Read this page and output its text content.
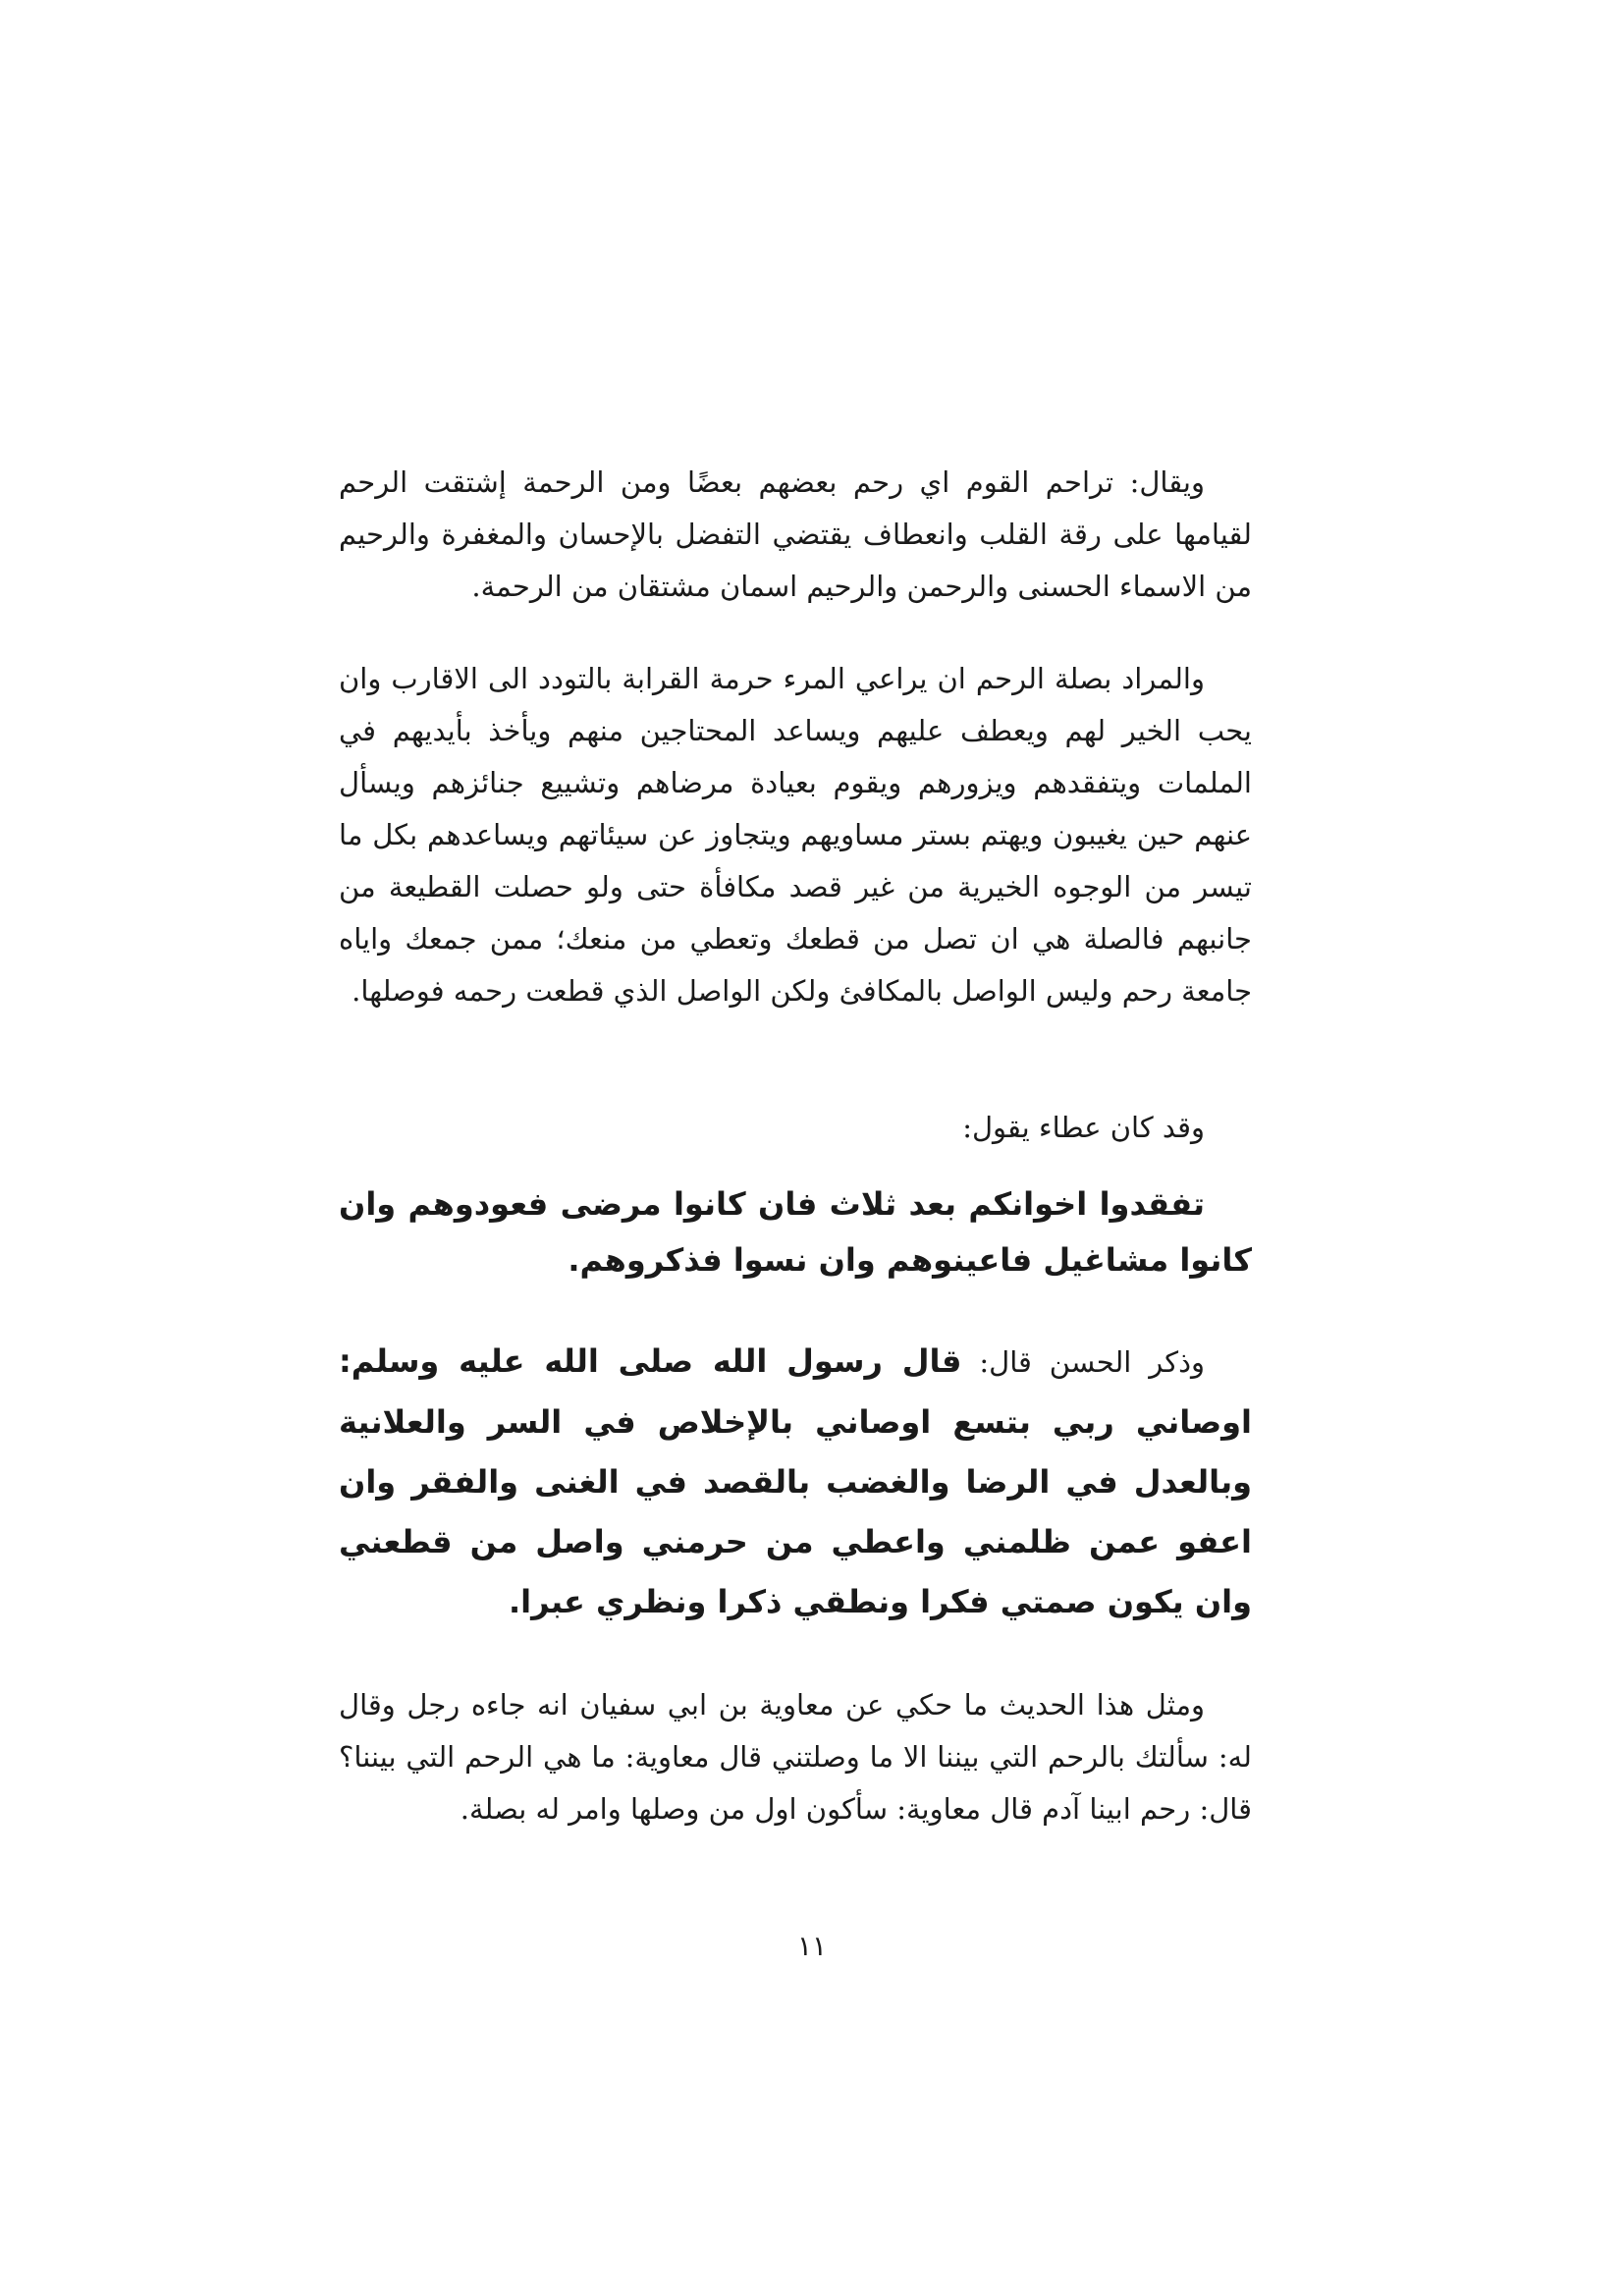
ويقال: تراحم القوم اي رحم بعضهم بعضًا ومن الرحمة إشتقت الرحم لقيامها على رقة القلب وانعطاف يقتضي التفضل بالإحسان والمغفرة والرحيم من الاسماء الحسنى والرحمن والرحيم اسمان مشتقان من الرحمة.

والمراد بصلة الرحم ان يراعي المرء حرمة القرابة بالتودد الى الاقارب وان يحب الخير لهم ويعطف عليهم ويساعد المحتاجين منهم ويأخذ بأيديهم في الملمات ويتفقدهم ويزورهم ويقوم بعيادة مرضاهم وتشييع جنائزهم ويسأل عنهم حين يغيبون ويهتم بستر مساويهم ويتجاوز عن سيئاتهم ويساعدهم بكل ما تيسر من الوجوه الخيرية من غير قصد مكافأة حتى ولو حصلت القطيعة من جانبهم فالصلة هي ان تصل من قطعك وتعطي من منعك؛ ممن جمعك واياه جامعة رحم وليس الواصل بالمكافئ ولكن الواصل الذي قطعت رحمه فوصلها.

وقد كان عطاء يقول:

تفقدوا اخوانكم بعد ثلاث فان كانوا مرضى فعودوهم وان كانوا مشاغيل فاعينوهم وان نسوا فذكروهم.

وذكر الحسن قال: قال رسول الله صلى الله عليه وسلم: اوصاني ربي بتسع اوصاني بالإخلاص في السر والعلانية وبالعدل في الرضا والغضب بالقصد في الغنى والفقر وان اعفو عمن ظلمني واعطي من حرمني واصل من قطعني وان يكون صمتي فكرا ونطقي ذكرا ونظري عبرا.

ومثل هذا الحديث ما حكي عن معاوية بن ابي سفيان انه جاءه رجل وقال له: سألتك بالرحم التي بيننا الا ما وصلتني قال معاوية: ما هي الرحم التي بيننا؟ قال: رحم ابينا آدم قال معاوية: سأكون اول من وصلها وامر له بصلة.

١١
